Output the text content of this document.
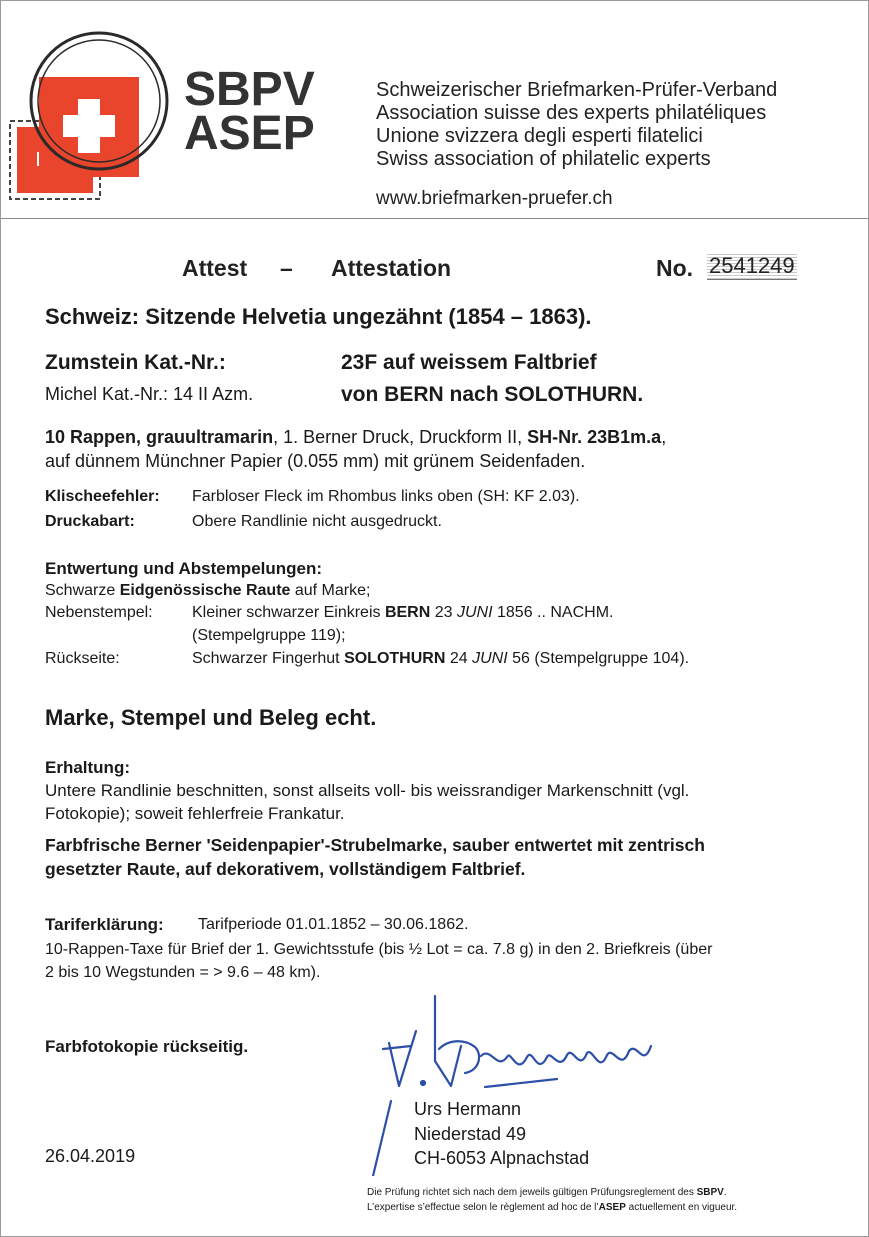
SBPV
ASEP
Schweizerischer Briefmarken-Prüfer-Verband
Association suisse des experts philatéliques
Unione svizzera degli esperti filatelici
Swiss association of philatelic experts
www.briefmarken-pruefer.ch
Attest – Attestation	No. 2541249
Schweiz: Sitzende Helvetia ungezähnt (1854 – 1863).
Zumstein Kat.-Nr.:	23F auf weissem Faltbrief
Michel Kat.-Nr.: 14 II Azm.	von BERN nach SOLOTHURN.
10 Rappen, grauultramarin, 1. Berner Druck, Druckform II, SH-Nr. 23B1m.a,
auf dünnem Münchner Papier (0.055 mm) mit grünem Seidenfaden.
Klischeefehler: Farbloser Fleck im Rhombus links oben (SH: KF 2.03).
Druckabart:	Obere Randlinie nicht ausgedruckt.
Entwertung und Abstempelungen:
Schwarze Eidgenössische Raute auf Marke;
Nebenstempel: Kleiner schwarzer Einkreis BERN 23 JUNI 1856 .. NACHM.
(Stempelgruppe 119);
Rückseite:	Schwarzer Fingerhut SOLOTHURN 24 JUNI 56 (Stempelgruppe 104).
Marke, Stempel und Beleg echt.
Erhaltung:
Untere Randlinie beschnitten, sonst allseits voll- bis weissrandiger Markenschnitt (vgl.
Fotokopie); soweit fehlerfreie Frankatur.
Farbfrische Berner 'Seidenpapier'-Strubelmarke, sauber entwertet mit zentrisch
gesetzter Raute, auf dekorativem, vollständigem Faltbrief.
Tariferklärung: Tarifperiode 01.01.1852 – 30.06.1862.
10-Rappen-Taxe für Brief der 1. Gewichtsstufe (bis ½ Lot = ca. 7.8 g) in den 2. Briefkreis (über
2 bis 10 Wegstunden = > 9.6 – 48 km).
Farbfotokopie rückseitig.
Urs Hermann
Niederstad 49
CH-6053 Alpnachstad
26.04.2019
Die Prüfung richtet sich nach dem jeweils gültigen Prüfungsreglement des SBPV.
L’expertise s’effectue selon le règlement ad hoc de l’ASEP actuellement en vigueur.
